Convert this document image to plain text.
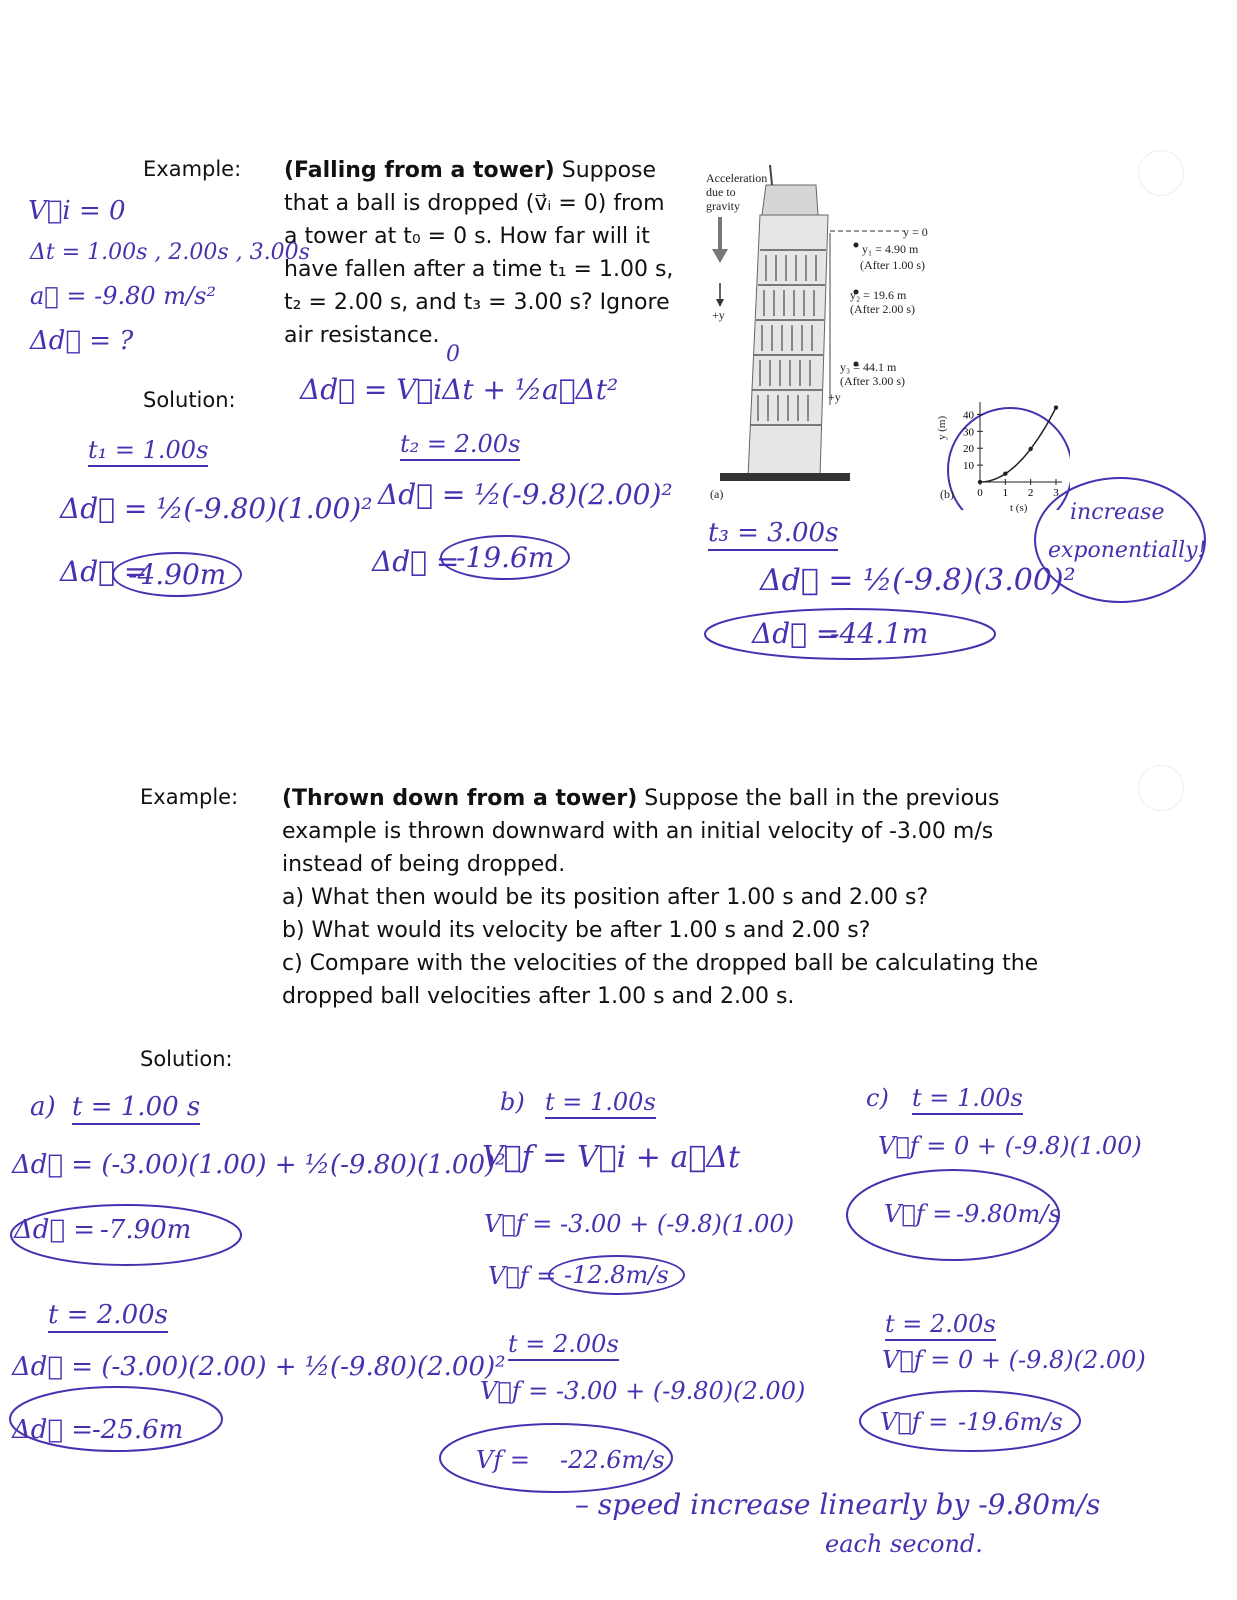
Example: (Falling from a tower) Suppose
that a ball is dropped (v⃗ᵢ = 0) from
a tower at t₀ = 0 s. How far will it
have fallen after a time t₁ = 1.00 s,
t₂ = 2.00 s, and t₃ = 3.00 s? Ignore
air resistance.
Solution:
V⃗i = 0
Δt = 1.00s , 2.00s , 3.00s
a⃗ = -9.80 m/s²
Δd⃗ = ?
Δd⃗ = V⃗iΔt + ½a⃗Δt²
0
t₁ = 1.00s
Δd⃗ = ½(-9.80)(1.00)²
Δd⃗ =
-4.90m
t₂ = 2.00s
Δd⃗ = ½(-9.8)(2.00)²
Δd⃗ =
-19.6m
t₃ = 3.00s
Δd⃗ = ½(-9.8)(3.00)²
Δd⃗ =
-44.1m
increase
exponentially!
Acceleration
due to
gravity
(a)
+y
y = 0
y₁ = 4.90 m
(After 1.00 s)
y₂ = 19.6 m
(After 2.00 s)
y₃ = 44.1 m
(After 3.00 s)
+y
10
20
30
40
0 1 2 3
y (m)
t (s)
(b)
Example: (Thrown down from a tower) Suppose the ball in the previous
example is thrown downward with an initial velocity of -3.00 m/s
instead of being dropped.
a) What then would be its position after 1.00 s and 2.00 s?
b) What would its velocity be after 1.00 s and 2.00 s?
c) Compare with the velocities of the dropped ball be calculating the
dropped ball velocities after 1.00 s and 2.00 s.
Solution:
a) t = 1.00 s
Δd⃗ = (-3.00)(1.00) + ½(-9.80)(1.00)²
Δd⃗ = -7.90m
t = 2.00s
Δd⃗ = (-3.00)(2.00) + ½(-9.80)(2.00)²
Δd⃗ =
-25.6m
b) t = 1.00s
V⃗f = V⃗i + a⃗Δt
V⃗f = -3.00 + (-9.8)(1.00)
V⃗f = -12.8m/s
t = 2.00s
V⃗f = -3.00 + (-9.80)(2.00)
Vf = -22.6m/s
c) t = 1.00s
V⃗f = 0 + (-9.8)(1.00)
V⃗f = -9.80m/s
t = 2.00s
V⃗f = 0 + (-9.8)(2.00)
V⃗f = -19.6m/s
– speed increase linearly by -9.80m/s
each second.
